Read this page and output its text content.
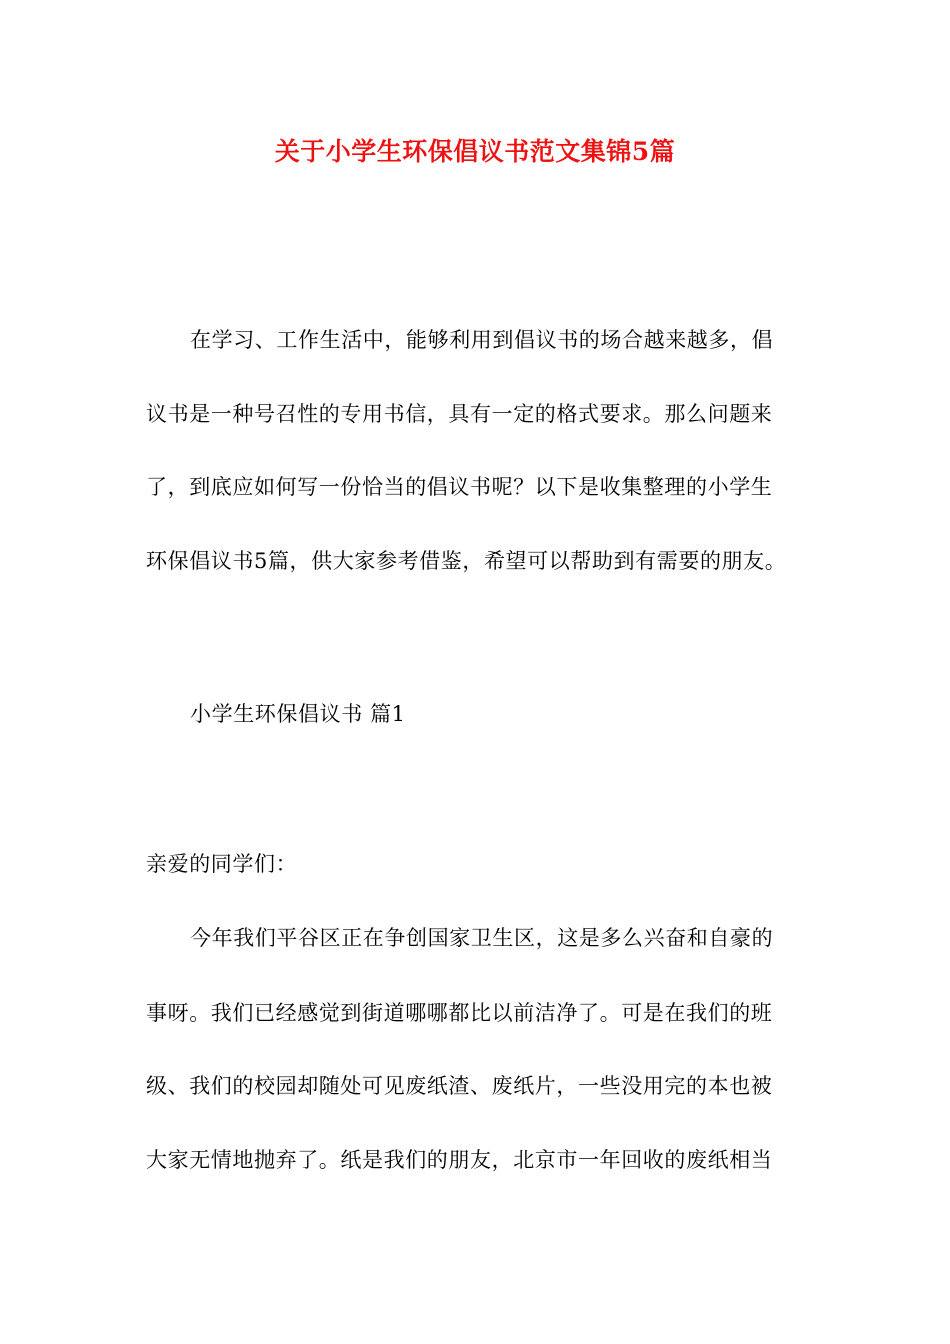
关于小学生环保倡议书范文集锦5篇
在学习、工作生活中，能够利用到倡议书的场合越来越多，倡
议书是一种号召性的专用书信，具有一定的格式要求。那么问题来
了，到底应如何写一份恰当的倡议书呢？以下是收集整理的小学生
环保倡议书5篇，供大家参考借鉴，希望可以帮助到有需要的朋友。
小学生环保倡议书 篇1
亲爱的同学们：
今年我们平谷区正在争创国家卫生区，这是多么兴奋和自豪的
事呀。我们已经感觉到街道哪哪都比以前洁净了。可是在我们的班
级、我们的校园却随处可见废纸渣、废纸片，一些没用完的本也被
大家无情地抛弃了。纸是我们的朋友，北京市一年回收的废纸相当
